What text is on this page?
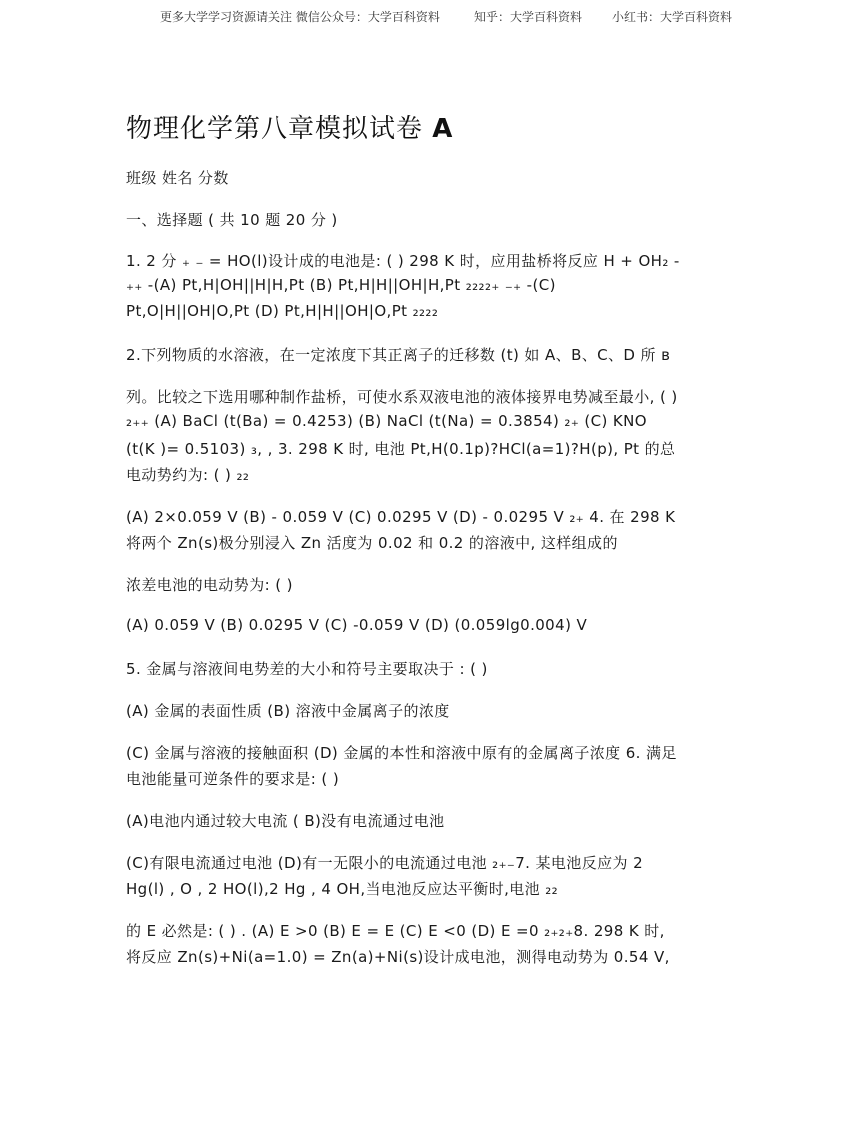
更多大学学习资源请关注 微信公众号：大学百科资料	知乎：大学百科资料 小红书：大学百科资料
物理化学第八章模拟试卷 A
班级 姓名 分数
一、选择题 ( 共 10 题 20 分 )
1. 2 分 ₊ ₋ = HO(l)设计成的电池是: ( ) 298 K 时，应用盐桥将反应 H + OH₂ -
₊₊ -(A) Pt,H|OH||H|H,Pt (B) Pt,H|H||OH|H,Pt ₂₂₂₂₊ ₋₊ -(C)
Pt,O|H||OH|O,Pt (D) Pt,H|H||OH|O,Pt ₂₂₂₂
2.下列物质的水溶液，在一定浓度下其正离子的迁移数 (t) 如 A、B、C、D 所 ʙ
列。比较之下选用哪种制作盐桥，可使水系双液电池的液体接界电势减至最小, ( )
₂₊₊ (A) BaCl (t(Ba) = 0.4253) (B) NaCl (t(Na) = 0.3854) ₂₊ (C) KNO
(t(K )= 0.5103) ₃, , 3. 298 K 时, 电池 Pt,H(0.1p)?HCl(a=1)?H(p), Pt 的总
电动势约为: ( ) ₂₂
(A) 2×0.059 V (B) - 0.059 V (C) 0.0295 V (D) - 0.0295 V ₂₊ 4. 在 298 K
将两个 Zn(s)极分别浸入 Zn 活度为 0.02 和 0.2 的溶液中, 这样组成的
浓差电池的电动势为: ( )
(A) 0.059 V (B) 0.0295 V (C) -0.059 V (D) (0.059lg0.004) V
5. 金属与溶液间电势差的大小和符号主要取决于 : ( )
(A) 金属的表面性质 (B) 溶液中金属离子的浓度
(C) 金属与溶液的接触面积 (D) 金属的本性和溶液中原有的金属离子浓度 6. 满足
电池能量可逆条件的要求是: ( )
(A)电池内通过较大电流 ( B)没有电流通过电池
(C)有限电流通过电池 (D)有一无限小的电流通过电池 ₂₊₋7. 某电池反应为 2
Hg(l) , O , 2 HO(l),2 Hg , 4 OH,当电池反应达平衡时,电池 ₂₂
的 E 必然是: ( ) . (A) E >0 (B) E = E (C) E <0 (D) E =0 ₂₊₂₊8. 298 K 时,
将反应 Zn(s)+Ni(a=1.0) = Zn(a)+Ni(s)设计成电池，测得电动势为 0.54 V,
